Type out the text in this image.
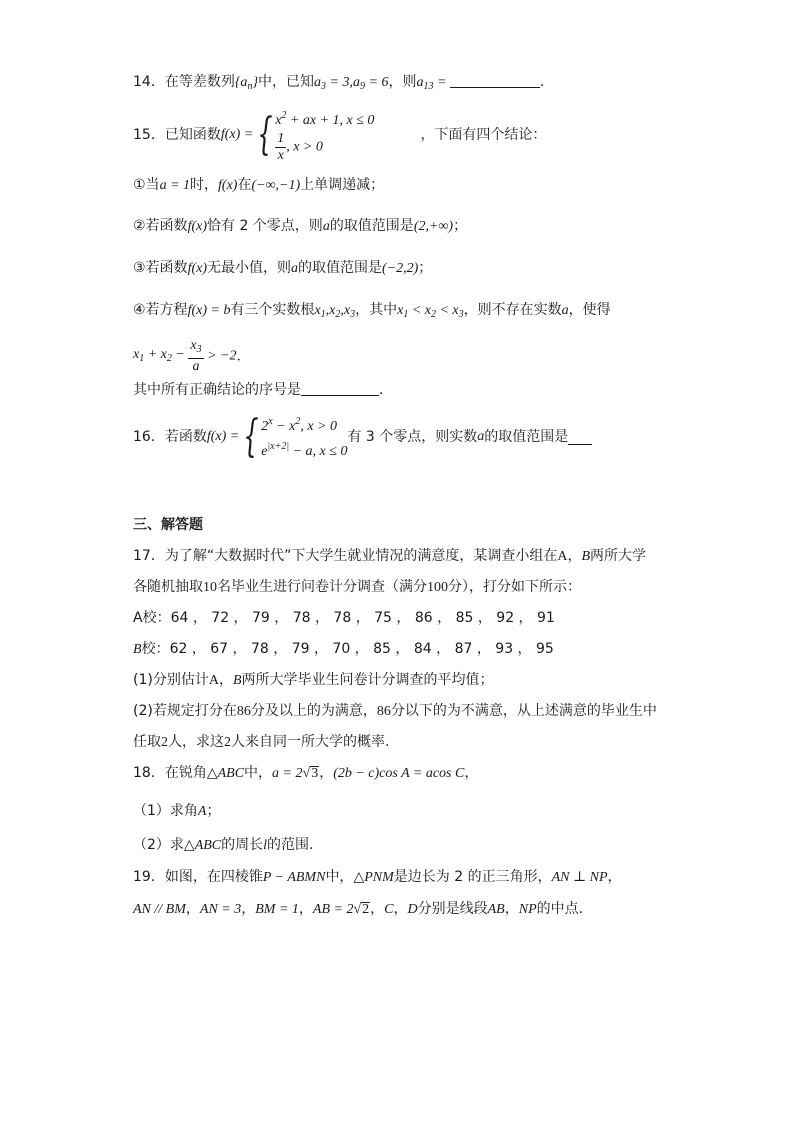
14．在等差数列$\{a_n\}$中，已知$a_3 = 3,a_9 = 6$，则$a_{13}$ =	.
15．已知函数f(x) ={ $x^2$ + ax + 1, x ≤ 0
$\frac{1}{x}$ , x > 0
，下面有四个结论：
①当a = 1时，f(x)在(−∞,−1)上单调递减；
②若函数f(x)恰有 2 个零点，则a的取值范围是(2,+∞)；
③若函数f(x)无最小值，则a的取值范围是(−2,2)；
④若方程f(x) = b有三个实数根$x_1,x_2,x_3$，其中$x_1 < x_2 < x_3$，则不存在实数a，使得
$x_1 + x_2 - \frac{x_3}{a} > -2$．
其中所有正确结论的序号是	．
16．若函数f(x) ={ $2^x - x^2$, x > 0
$e^{|x+2|} - a$, x ≤ 0
有 3 个零点，则实数a的取值范围是
三、解答题
17．为了解“大数据时代”下大学生就业情况的满意度，某调查小组在A，B两所大学
各随机抽取10名毕业生进行问卷计分调查（满分100分），打分如下所示：
A校：64 ， 72 ， 79 ， 78 ， 78 ， 75 ， 86 ， 85 ， 92 ， 91
B校：62 ， 67 ， 78 ， 79 ， 70 ， 85 ， 84 ， 87 ， 93 ， 95
(1)分别估计A，B两所大学毕业生问卷计分调查的平均值；
(2)若规定打分在86分及以上的为满意，86分以下的为不满意，从上述满意的毕业生中
任取2人，求这2人来自同一所大学的概率.
18．在锐角△ABC中，a = 2√3，(2b − c)cos A = acos C，
（1）求角A；
（2）求△ABC的周长l的范围.
19．如图，在四棱锥P − ABMN中，△PNM是边长为 2 的正三角形，AN ⊥ NP，
AN // BM，AN = 3，BM = 1，AB = 2√2，C，D分别是线段AB，NP的中点.
